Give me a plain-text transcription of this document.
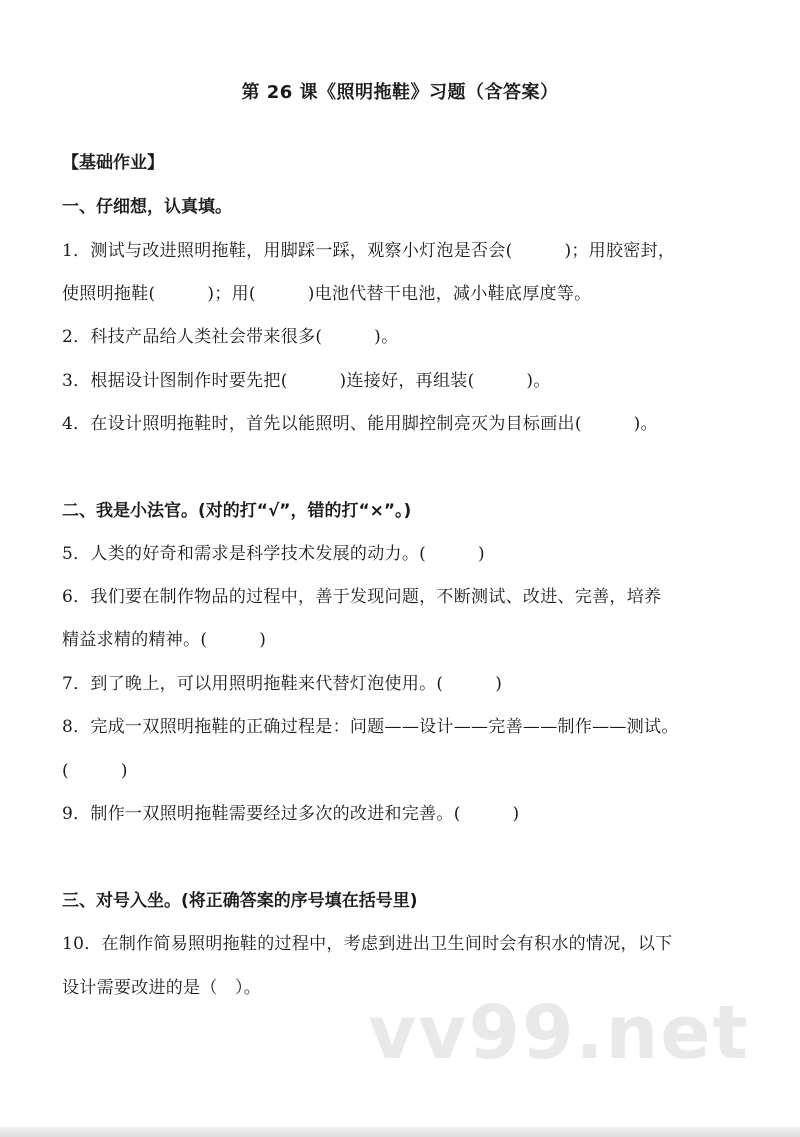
第 26 课《照明拖鞋》习题（含答案）
【基础作业】
一、仔细想，认真填。
1．测试与改进照明拖鞋，用脚踩一踩，观察小灯泡是否会(　　　)；用胶密封，
使照明拖鞋(　　　)；用(　　　)电池代替干电池，减小鞋底厚度等。
2．科技产品给人类社会带来很多(　　　)。
3．根据设计图制作时要先把(　　　)连接好，再组装(　　　)。
4．在设计照明拖鞋时，首先以能照明、能用脚控制亮灭为目标画出(　　　)。
二、我是小法官。(对的打“√”，错的打“×”。)
5．人类的好奇和需求是科学技术发展的动力。(　　　)
6．我们要在制作物品的过程中，善于发现问题，不断测试、改进、完善，培养
精益求精的精神。(　　　)
7．到了晚上，可以用照明拖鞋来代替灯泡使用。(　　　)
8．完成一双照明拖鞋的正确过程是：问题——设计——完善——制作——测试。
(　　　)
9．制作一双照明拖鞋需要经过多次的改进和完善。(　　　)
三、对号入坐。(将正确答案的序号填在括号里)
10．在制作简易照明拖鞋的过程中，考虑到进出卫生间时会有积水的情况，以下
设计需要改进的是（　）。
vv99.net
